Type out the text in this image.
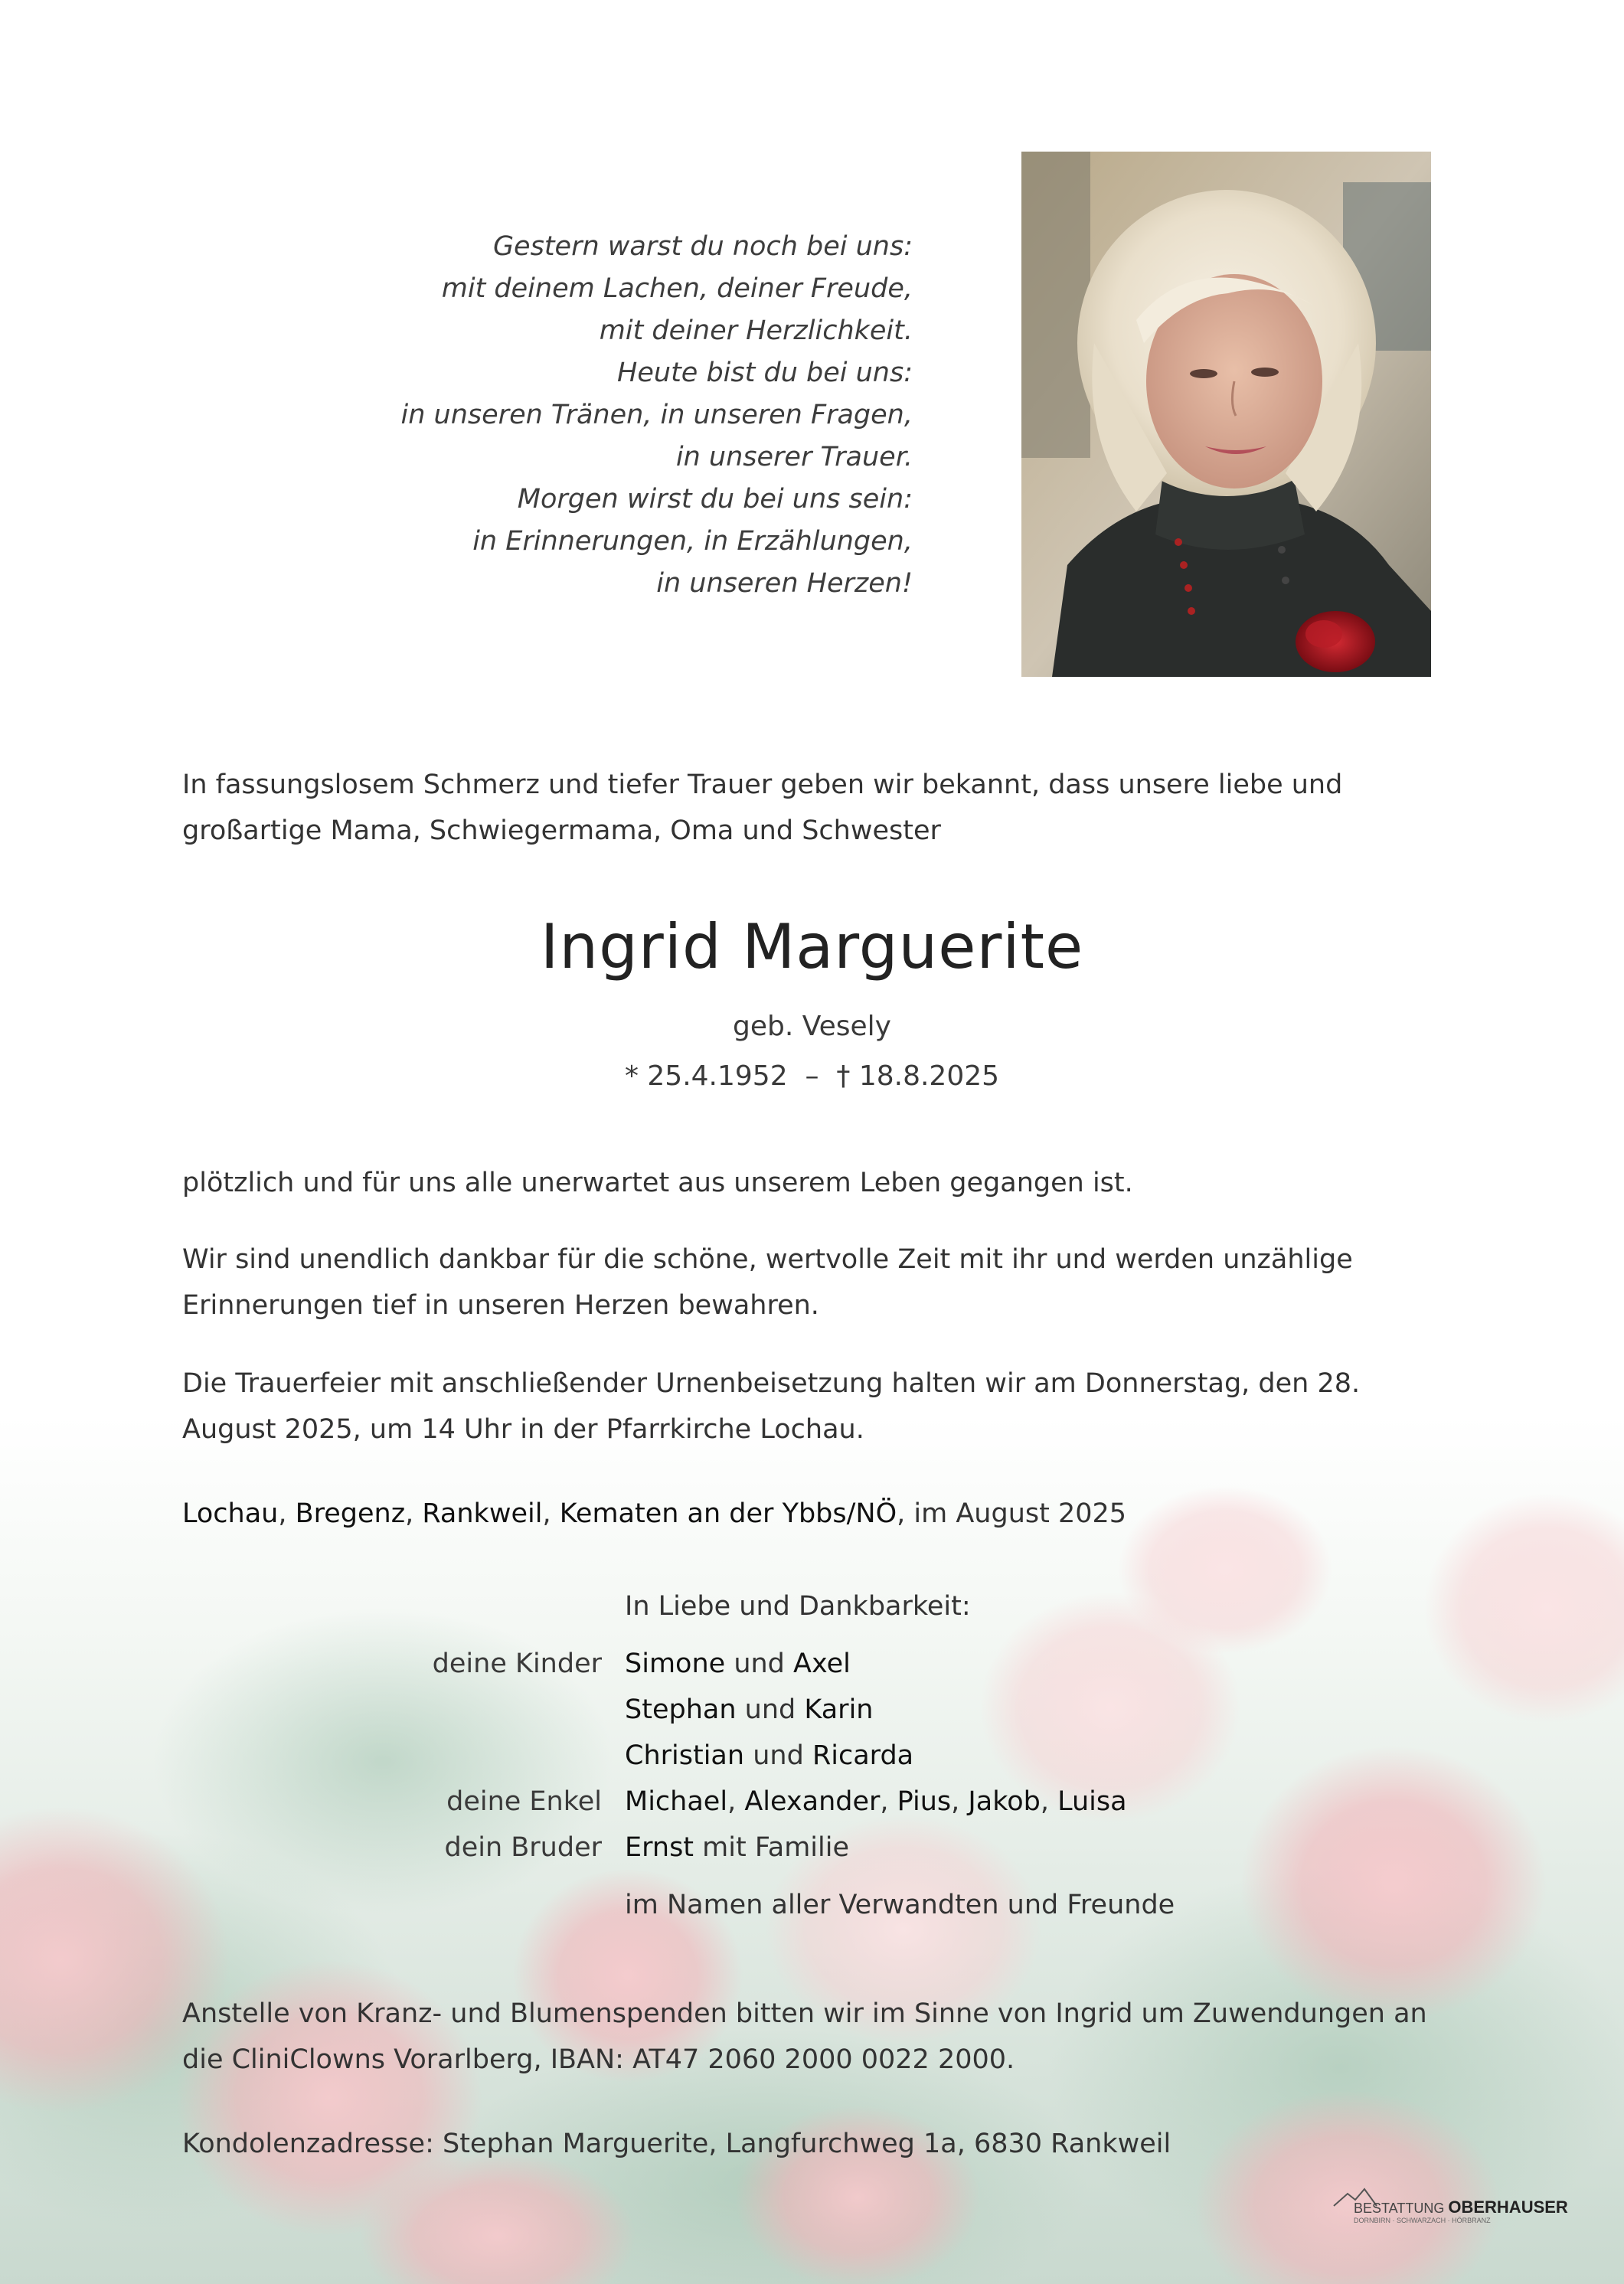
Gestern warst du noch bei uns:
mit deinem Lachen, deiner Freude,
mit deiner Herzlichkeit.
Heute bist du bei uns:
in unseren Tränen, in unseren Fragen,
in unserer Trauer.
Morgen wirst du bei uns sein:
in Erinnerungen, in Erzählungen,
in unseren Herzen!
In fassungslosem Schmerz und tiefer Trauer geben wir bekannt, dass unsere liebe und großartige Mama, Schwiegermama, Oma und Schwester
Ingrid Marguerite
geb. Vesely
* 25.4.1952  –  † 18.8.2025
plötzlich und für uns alle unerwartet aus unserem Leben gegangen ist.
Wir sind unendlich dankbar für die schöne, wertvolle Zeit mit ihr und werden unzählige Erinnerungen tief in unseren Herzen bewahren.
Die Trauerfeier mit anschließender Urnenbeisetzung halten wir am Donnerstag, den 28. August 2025, um 14 Uhr in der Pfarrkirche Lochau.
Lochau, Bregenz, Rankweil, Kematen an der Ybbs/NÖ, im August 2025
In Liebe und Dankbarkeit:
deine Kinder Simone und Axel
Stephan und Karin
Christian und Ricarda
deine Enkel Michael, Alexander, Pius, Jakob, Luisa
dein Bruder Ernst mit Familie
im Namen aller Verwandten und Freunde
Anstelle von Kranz- und Blumenspenden bitten wir im Sinne von Ingrid um Zuwendungen an die CliniClowns Vorarlberg, IBAN: AT47 2060 2000 0022 2000.
Kondolenzadresse: Stephan Marguerite, Langfurchweg 1a, 6830 Rankweil
BESTATTUNG OBERHAUSER
DORNBIRN · SCHWARZACH · HÖRBRANZ
